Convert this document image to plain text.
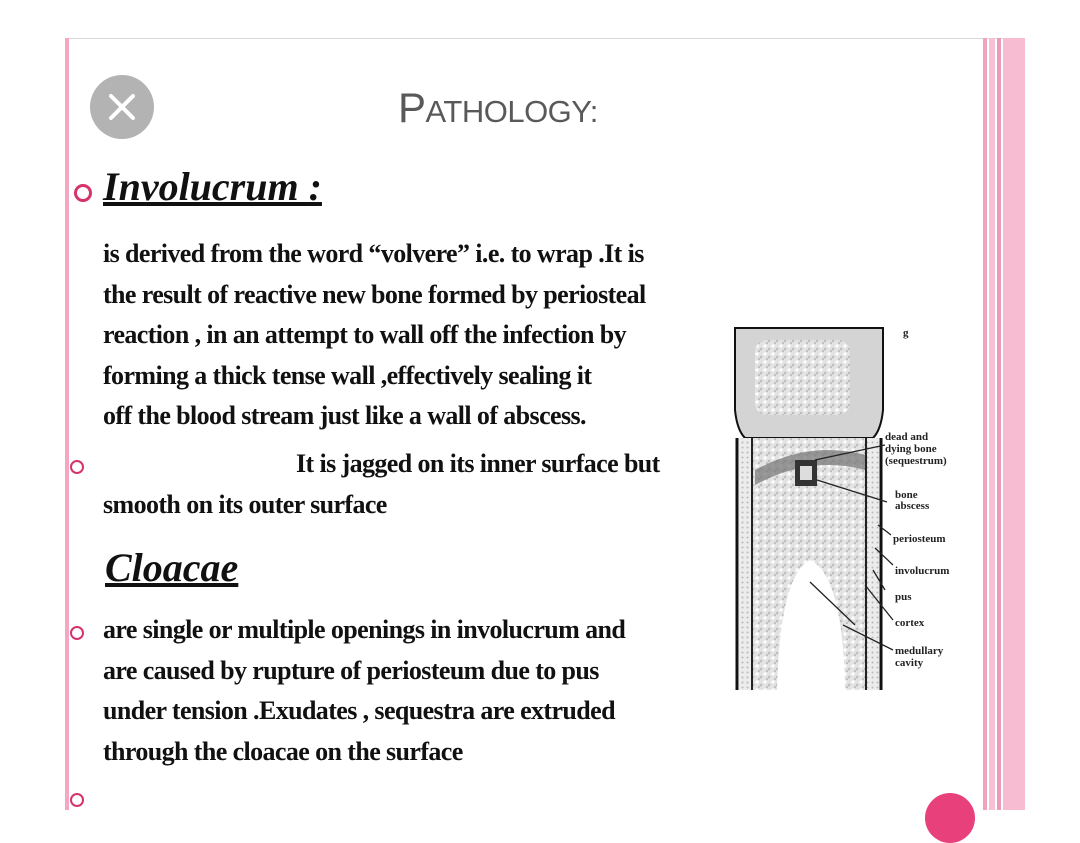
PATHOLOGY:
Involucrum :

is derived from the word “volvere” i.e. to wrap .It is
the result of reactive new bone formed by periosteal
reaction , in an attempt to wall off the infection by
forming a thick tense wall ,effectively sealing it
off the blood stream just like a wall of abscess.

It is jagged on its inner surface but
smooth on its outer surface

Cloacae

are single or multiple openings in involucrum and
are caused by rupture of periosteum due to pus
under tension .Exudates , sequestra are extruded
through the cloacae on the surface

g
dead and
dying bone
(sequestrum)
bone
abscess
periosteum
involucrum
pus
cortex
medullary
cavity
